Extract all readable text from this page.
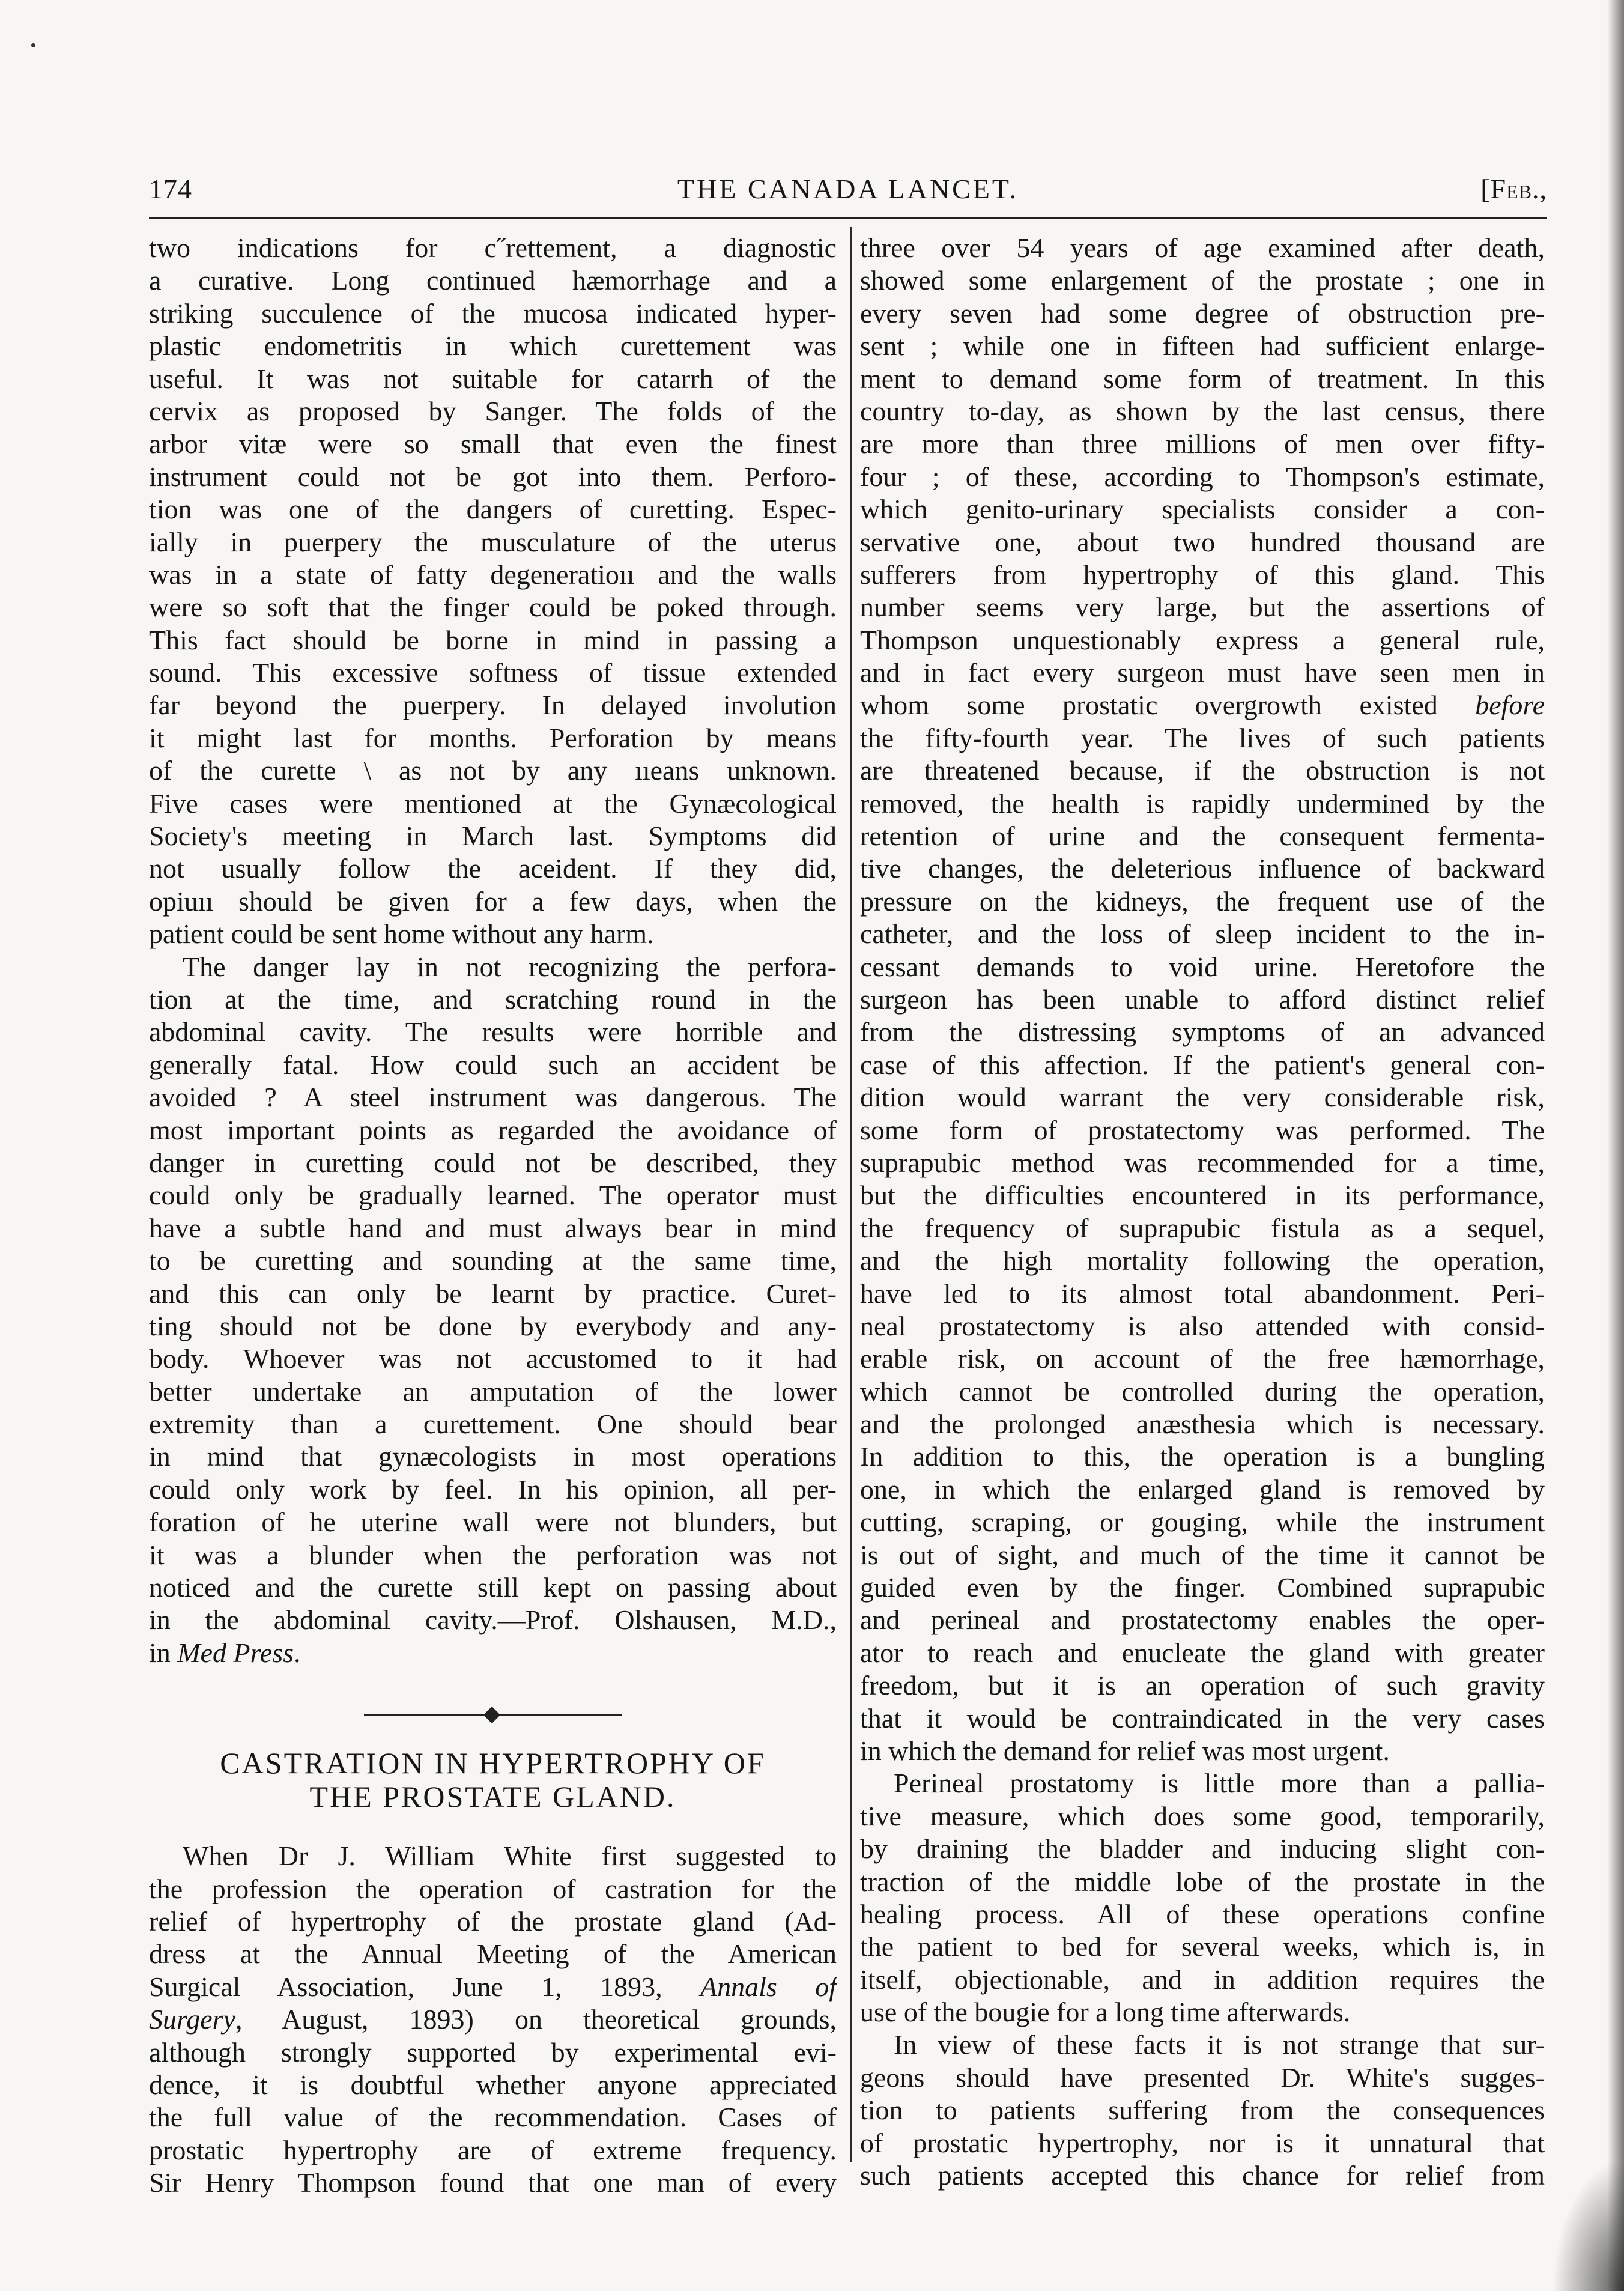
174	THE CANADA LANCET.	[Feb.,
two indications for c˝rettement, a diagnostic
a curative. Long continued hæmorrhage and a
striking succulence of the mucosa indicated hyper-
plastic endometritis in which curettement was
useful. It was not suitable for catarrh of the
cervix as proposed by Sanger. The folds of the
arbor vitæ were so small that even the finest
instrument could not be got into them. Perforo-
tion was one of the dangers of curetting. Espec-
ially in puerpery the musculature of the uterus
was in a state of fatty degeneratioıı and the walls
were so soft that the finger could be poked through.
This fact should be borne in mind in passing a
sound. This excessive softness of tissue extended
far beyond the puerpery. In delayed involution
it might last for months. Perforation by means
of the curette \ as not by any ııeans unknown.
Five cases were mentioned at the Gynæcological
Society's meeting in March last. Symptoms did
not usually follow the aceident. If they did,
opiuıı should be given for a few days, when the
patient could be sent home without any harm.
The danger lay in not recognizing the perfora-
tion at the time, and scratching round in the
abdominal cavity. The results were horrible and
generally fatal. How could such an accident be
avoided ? A steel instrument was dangerous. The
most important points as regarded the avoidance of
danger in curetting could not be described, they
could only be gradually learned. The operator must
have a subtle hand and must always bear in mind
to be curetting and sounding at the same time,
and this can only be learnt by practice. Curet-
ting should not be done by everybody and any-
body. Whoever was not accustomed to it had
better undertake an amputation of the lower
extremity than a curettement. One should bear
in mind that gynæcologists in most operations
could only work by feel. In his opinion, all per-
foration of he uterine wall were not blunders, but
it was a blunder when the perforation was not
noticed and the curette still kept on passing about
in the abdominal cavity.—Prof. Olshausen, M.D.,
in Med Press.
CASTRATION IN HYPERTROPHY OF
THE PROSTATE GLAND.
When Dr J. William White first suggested to
the profession the operation of castration for the
relief of hypertrophy of the prostate gland (Ad-
dress at the Annual Meeting of the American
Surgical Association, June 1, 1893, Annals of
Surgery, August, 1893) on theoretical grounds,
although strongly supported by experimental evi-
dence, it is doubtful whether anyone appreciated
the full value of the recommendation. Cases of
prostatic hypertrophy are of extreme frequency.
Sir Henry Thompson found that one man of every
three over 54 years of age examined after death,
showed some enlargement of the prostate ; one in
every seven had some degree of obstruction pre-
sent ; while one in fifteen had sufficient enlarge-
ment to demand some form of treatment. In this
country to-day, as shown by the last census, there
are more than three millions of men over fifty-
four ; of these, according to Thompson's estimate,
which genito-urinary specialists consider a con-
servative one, about two hundred thousand are
sufferers from hypertrophy of this gland. This
number seems very large, but the assertions of
Thompson unquestionably express a general rule,
and in fact every surgeon must have seen men in
whom some prostatic overgrowth existed before
the fifty-fourth year. The lives of such patients
are threatened because, if the obstruction is not
removed, the health is rapidly undermined by the
retention of urine and the consequent fermenta-
tive changes, the deleterious influence of backward
pressure on the kidneys, the frequent use of the
catheter, and the loss of sleep incident to the in-
cessant demands to void urine. Heretofore the
surgeon has been unable to afford distinct relief
from the distressing symptoms of an advanced
case of this affection. If the patient's general con-
dition would warrant the very considerable risk,
some form of prostatectomy was performed. The
suprapubic method was recommended for a time,
but the difficulties encountered in its performance,
the frequency of suprapubic fistula as a sequel,
and the high mortality following the operation,
have led to its almost total abandonment. Peri-
neal prostatectomy is also attended with consid-
erable risk, on account of the free hæmorrhage,
which cannot be controlled during the operation,
and the prolonged anæsthesia which is necessary.
In addition to this, the operation is a bungling
one, in which the enlarged gland is removed by
cutting, scraping, or gouging, while the instrument
is out of sight, and much of the time it cannot be
guided even by the finger. Combined suprapubic
and perineal and prostatectomy enables the oper-
ator to reach and enucleate the gland with greater
freedom, but it is an operation of such gravity
that it would be contraindicated in the very cases
in which the demand for relief was most urgent.
Perineal prostatomy is little more than a pallia-
tive measure, which does some good, temporarily,
by draining the bladder and inducing slight con-
traction of the middle lobe of the prostate in the
healing process. All of these operations confine
the patient to bed for several weeks, which is, in
itself, objectionable, and in addition requires the
use of the bougie for a long time afterwards.
In view of these facts it is not strange that sur-
geons should have presented Dr. White's sugges-
tion to patients suffering from the consequences
of prostatic hypertrophy, nor is it unnatural that
such patients accepted this chance for relief from
